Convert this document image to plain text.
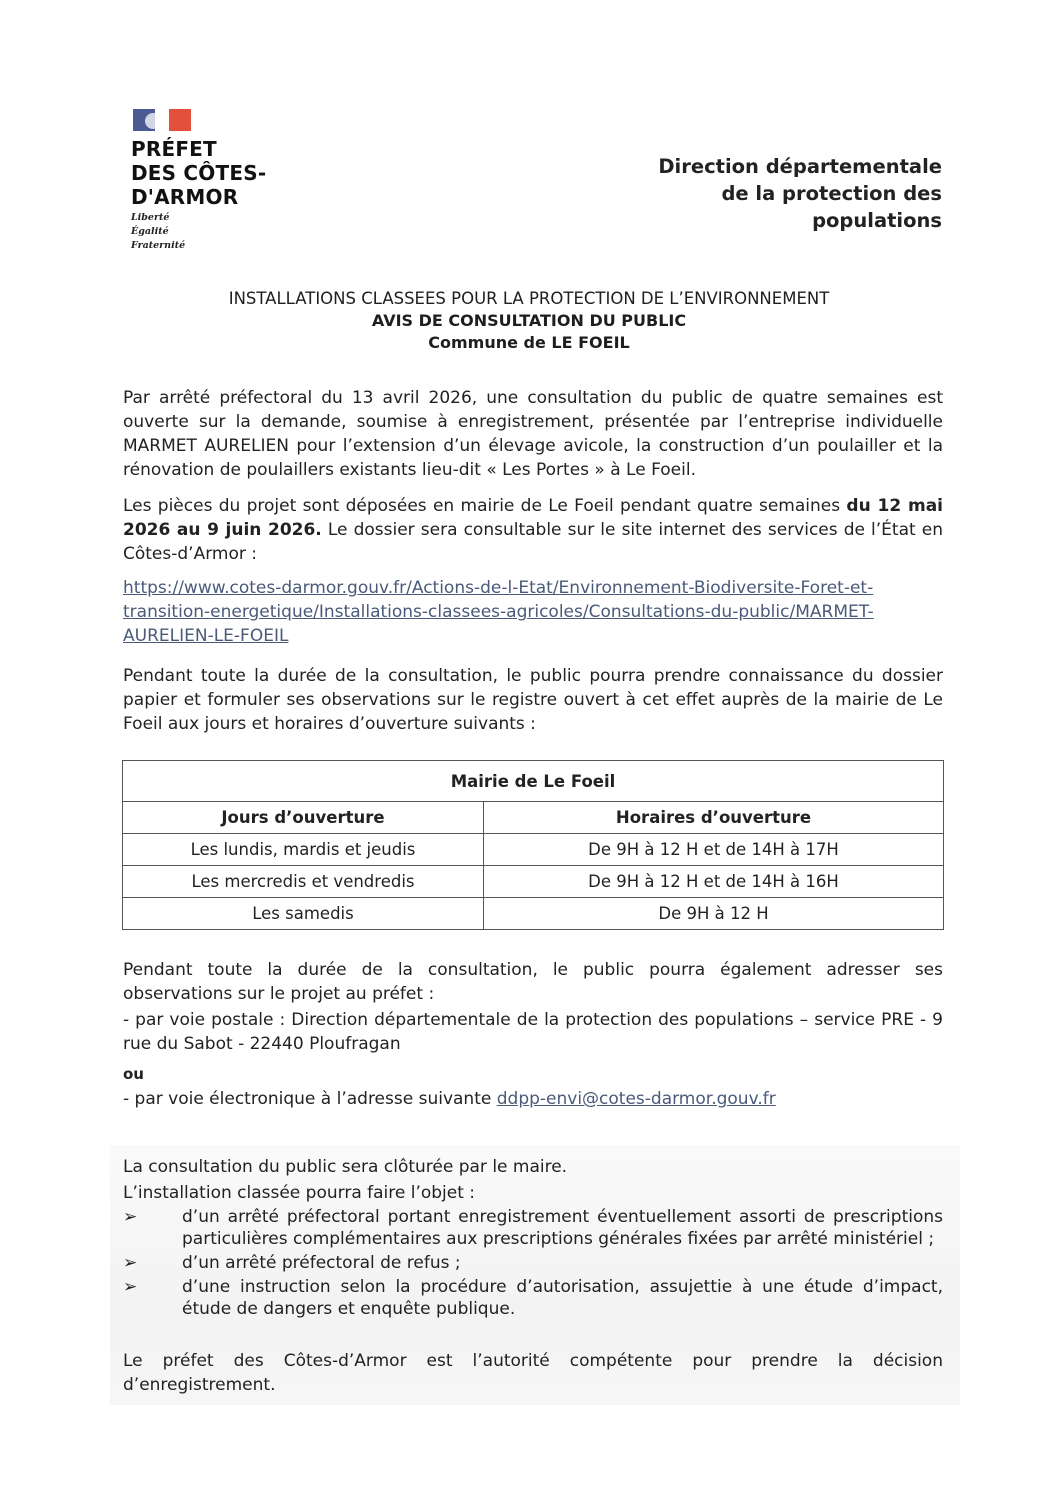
PRÉFET
DES CÔTES-
D'ARMOR
Liberté
Égalité
Fraternité
Direction départementale
de la protection des
populations
INSTALLATIONS CLASSEES POUR LA PROTECTION DE L’ENVIRONNEMENT
AVIS DE CONSULTATION DU PUBLIC
Commune de LE FOEIL
Par arrêté préfectoral du 13 avril 2026, une consultation du public de quatre semaines est ouverte sur la demande, soumise à enregistrement, présentée par l’entreprise individuelle MARMET AURELIEN pour l’extension d’un élevage avicole, la construction d’un poulailler et la rénovation de poulaillers existants lieu-dit « Les Portes » à Le Foeil.
Les pièces du projet sont déposées en mairie de Le Foeil pendant quatre semaines du 12 mai 2026 au 9 juin 2026. Le dossier sera consultable sur le site internet des services de l’État en Côtes-d’Armor :
https://www.cotes-darmor.gouv.fr/Actions-de-l-Etat/Environnement-Biodiversite-Foret-et-
transition-energetique/Installations-classees-agricoles/Consultations-du-public/MARMET-
AURELIEN-LE-FOEIL
Pendant toute la durée de la consultation, le public pourra prendre connaissance du dossier papier et formuler ses observations sur le registre ouvert à cet effet auprès de la mairie de Le Foeil aux jours et horaires d’ouverture suivants :
Mairie de Le Foeil	
Jours d’ouverture	Horaires d’ouverture
Les lundis, mardis et jeudis	De 9H à 12 H et de 14H à 17H
Les mercredis et vendredis	De 9H à 12 H et de 14H à 16H
Les samedis	De 9H à 12 H
Pendant toute la durée de la consultation, le public pourra également adresser ses observations sur le projet au préfet :
- par voie postale : Direction départementale de la protection des populations – service PRE - 9 rue du Sabot - 22440 Ploufragan
ou
- par voie électronique à l’adresse suivante ddpp-envi@cotes-darmor.gouv.fr
La consultation du public sera clôturée par le maire.
L’installation classée pourra faire l’objet :
➢	d’un arrêté préfectoral portant enregistrement éventuellement assorti de prescriptions particulières complémentaires aux prescriptions générales fixées par arrêté ministériel ;
➢	d’un arrêté préfectoral de refus ;
➢	d’une instruction selon la procédure d’autorisation, assujettie à une étude d’impact, étude de dangers et enquête publique.
Le préfet des Côtes-d’Armor est l’autorité compétente pour prendre la décision d’enregistrement.
